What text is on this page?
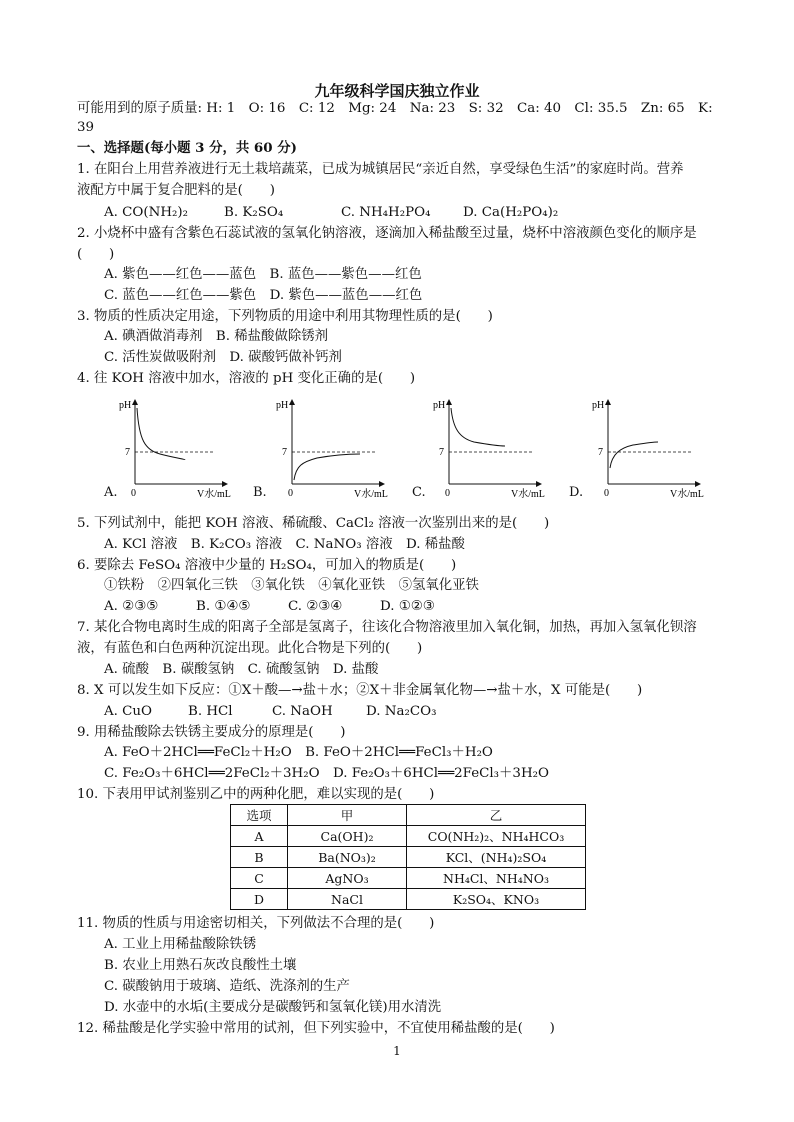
九年级科学国庆独立作业
可能用到的原子质量: H: 1　O: 16　C: 12　Mg: 24　Na: 23　S: 32　Ca: 40　Cl: 35.5　Zn: 65　K:
39
一、选择题(每小题 3 分，共 60 分)
1. 在阳台上用营养液进行无土栽培蔬菜，已成为城镇居民“亲近自然，享受绿色生活”的家庭时尚。营养
液配方中属于复合肥料的是(　　)
A. CO(NH₂)₂	B. K₂SO₄	C. NH₄H₂PO₄ D. Ca(H₂PO₄)₂
2. 小烧杯中盛有含紫色石蕊试液的氢氧化钠溶液，逐滴加入稀盐酸至过量，烧杯中溶液颜色变化的顺序是
(　　)
A. 紫色——红色——蓝色　B. 蓝色——紫色——红色
C. 蓝色——红色——紫色　D. 紫色——蓝色——红色
3. 物质的性质决定用途，下列物质的用途中利用其物理性质的是(　　)
A. 碘酒做消毒剂　B. 稀盐酸做除锈剂
C. 活性炭做吸附剂　D. 碳酸钙做补钙剂
4. 往 KOH 溶液中加水，溶液的 pH 变化正确的是(　　)
pH
7
0	V水/mL
pH
7
0	V水/mL
pH
7
0	V水/mL
pH
7
0	V水/mL
A.	B.	C.	D.
5. 下列试剂中，能把 KOH 溶液、稀硫酸、CaCl₂ 溶液一次鉴别出来的是(　　)
A. KCl 溶液　B. K₂CO₃ 溶液　C. NaNO₃ 溶液　D. 稀盐酸
6. 要除去 FeSO₄ 溶液中少量的 H₂SO₄，可加入的物质是(　　)
①铁粉　②四氧化三铁　③氧化铁　④氧化亚铁　⑤氢氧化亚铁
A. ②③⑤	B. ①④⑤	C. ②③④	D. ①②③
7. 某化合物电离时生成的阳离子全部是氢离子，往该化合物溶液里加入氧化铜，加热，再加入氢氧化钡溶
液，有蓝色和白色两种沉淀出现。此化合物是下列的(　　)
A. 硫酸　B. 碳酸氢钠　C. 硫酸氢钠　D. 盐酸
8. X 可以发生如下反应：①X＋酸—→盐＋水；②X＋非金属氧化物—→盐＋水，X 可能是(　　)
A. CuO	B. HCl	C. NaOH D. Na₂CO₃
9. 用稀盐酸除去铁锈主要成分的原理是(　　)
A. FeO＋2HCl══FeCl₂＋H₂O　B. FeO＋2HCl══FeCl₃＋H₂O
C. Fe₂O₃＋6HCl══2FeCl₂＋3H₂O　D. Fe₂O₃＋6HCl══2FeCl₃＋3H₂O
10. 下表用甲试剂鉴别乙中的两种化肥，难以实现的是(　　)
选项	甲	乙
A	Ca(OH)₂	CO(NH₂)₂、NH₄HCO₃
B	Ba(NO₃)₂	KCl、(NH₄)₂SO₄
C	AgNO₃	NH₄Cl、NH₄NO₃
D	NaCl	K₂SO₄、KNO₃
11. 物质的性质与用途密切相关，下列做法不合理的是(　　)
A. 工业上用稀盐酸除铁锈
B. 农业上用熟石灰改良酸性土壤
C. 碳酸钠用于玻璃、造纸、洗涤剂的生产
D. 水壶中的水垢(主要成分是碳酸钙和氢氧化镁)用水清洗
12. 稀盐酸是化学实验中常用的试剂，但下列实验中，不宜使用稀盐酸的是(　　)
1
